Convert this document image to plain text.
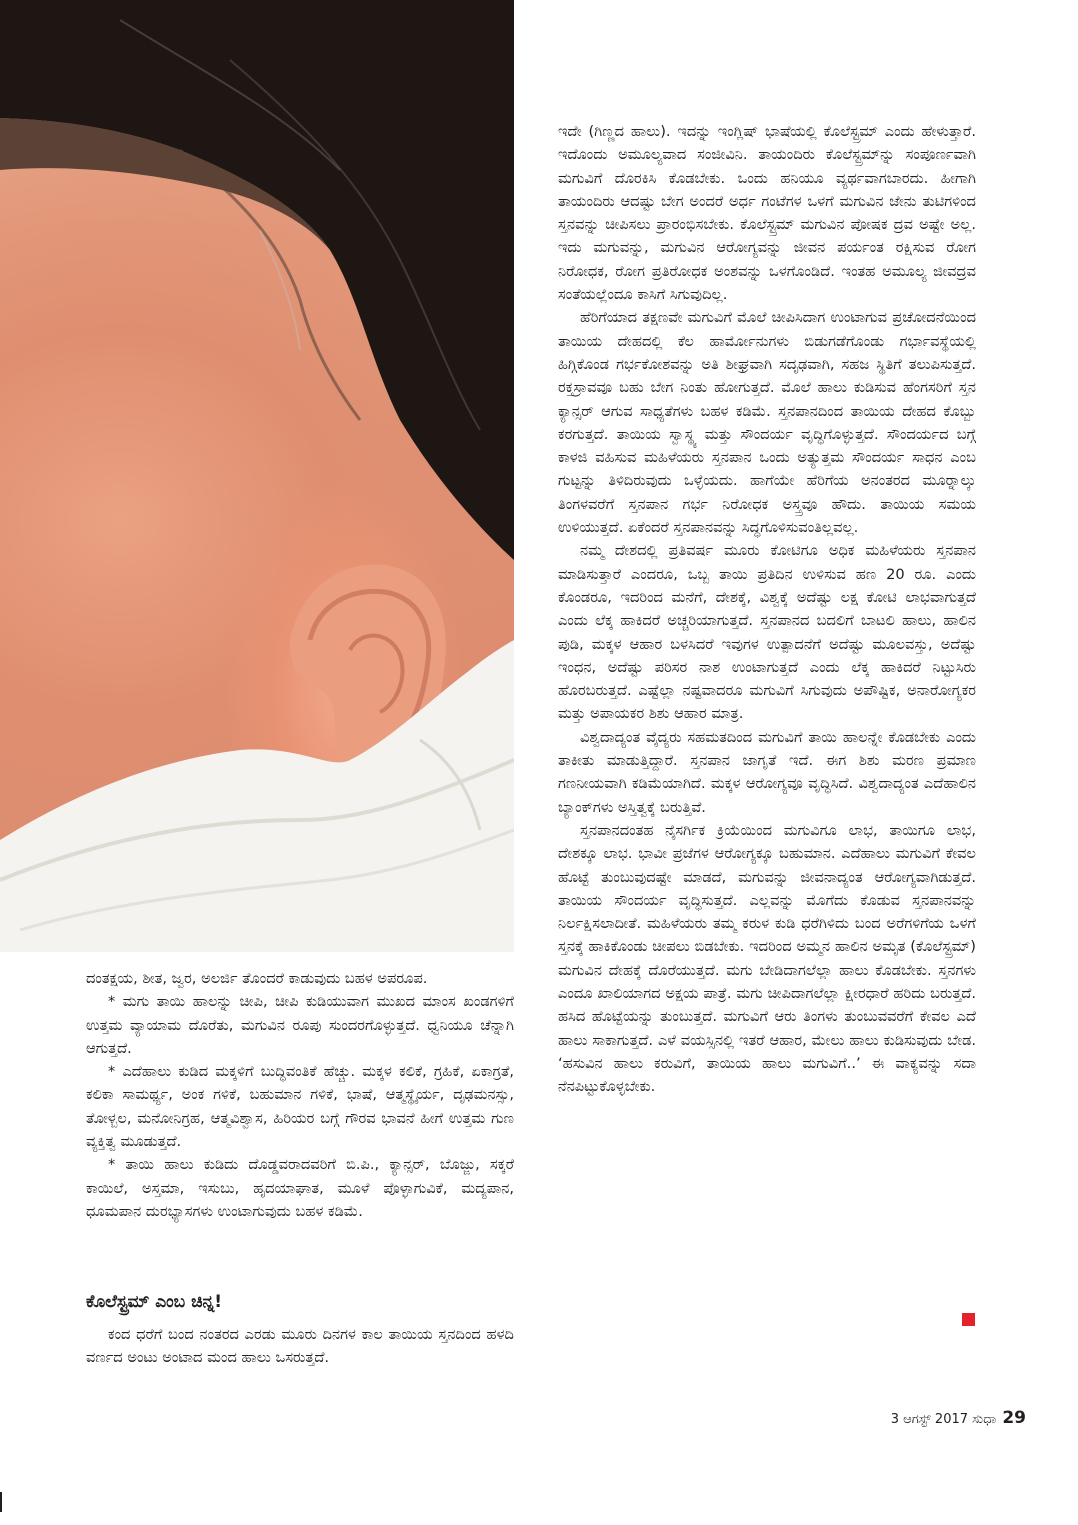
ದಂತಕ್ಷಯ, ಶೀತ, ಜ್ವರ, ಅಲರ್ಜಿ ತೊಂದರೆ ಕಾಡುವುದು ಬಹಳ ಅಪರೂಪ.

* ಮಗು ತಾಯಿ ಹಾಲನ್ನು ಚೀಪಿ, ಚೀಪಿ ಕುಡಿಯುವಾಗ ಮುಖದ ಮಾಂಸ ಖಂಡಗಳಿಗೆ ಉತ್ತಮ ವ್ಯಾಯಾಮ ದೊರೆತು, ಮಗುವಿನ ರೂಪು ಸುಂದರಗೊಳ್ಳುತ್ತದೆ. ಧ್ವನಿಯೂ ಚೆನ್ನಾಗಿ ಆಗುತ್ತದೆ.

* ಎದೆಹಾಲು ಕುಡಿದ ಮಕ್ಕಳಿಗೆ ಬುದ್ಧಿವಂತಿಕೆ ಹೆಚ್ಚು. ಮಕ್ಕಳ ಕಲಿಕೆ, ಗ್ರಹಿಕೆ, ಏಕಾಗ್ರತೆ, ಕಲಿಕಾ ಸಾಮರ್ಥ್ಯ, ಅಂಕ ಗಳಿಕೆ, ಬಹುಮಾನ ಗಳಿಕೆ, ಭಾಷೆ, ಆತ್ಮಸ್ಥೈರ್ಯ, ದೃಢಮನಸ್ಸು, ತೋಳ್ಬಲ, ಮನೋನಿಗ್ರಹ, ಆತ್ಮವಿಶ್ವಾಸ, ಹಿರಿಯರ ಬಗ್ಗೆ ಗೌರವ ಭಾವನೆ ಹೀಗೆ ಉತ್ತಮ ಗುಣ ವ್ಯಕ್ತಿತ್ವ ಮೂಡುತ್ತದೆ.

* ತಾಯಿ ಹಾಲು ಕುಡಿದು ದೊಡ್ಡವರಾದವರಿಗೆ ಬಿ.ಪಿ., ಕ್ಯಾನ್ಸರ್, ಬೊಜ್ಜು, ಸಕ್ಕರೆ ಕಾಯಿಲೆ, ಅಸ್ತಮಾ, ಇಸುಬು, ಹೃದಯಾಘಾತ, ಮೂಳೆ ಪೊಳ್ಳಾಗುವಿಕೆ, ಮದ್ಯಪಾನ, ಧೂಮಪಾನ ದುರಭ್ಯಾಸಗಳು ಉಂಟಾಗುವುದು ಬಹಳ ಕಡಿಮೆ.

ಕೊಲೆಸ್ಟ್ರಮ್ ಎಂಬ ಚಿನ್ನ!

ಕಂದ ಧರೆಗೆ ಬಂದ ನಂತರದ ಎರಡು ಮೂರು ದಿನಗಳ ಕಾಲ ತಾಯಿಯ ಸ್ತನದಿಂದ ಹಳದಿ ವರ್ಣದ ಅಂಟು ಅಂಟಾದ ಮಂದ ಹಾಲು ಒಸರುತ್ತದೆ.

ಇದೇ (ಗಿಣ್ಣದ ಹಾಲು). ಇದನ್ನು ಇಂಗ್ಲಿಷ್ ಭಾಷೆಯಲ್ಲಿ ಕೊಲೆಸ್ಟ್ರಮ್ ಎಂದು ಹೇಳುತ್ತಾರೆ. ಇದೊಂದು ಅಮೂಲ್ಯವಾದ ಸಂಜೀವಿನಿ. ತಾಯಂದಿರು ಕೊಲೆಸ್ಟ್ರಮ್‌ನ್ನು ಸಂಪೂರ್ಣವಾಗಿ ಮಗುವಿಗೆ ದೊರಕಿಸಿ ಕೊಡಬೇಕು. ಒಂದು ಹನಿಯೂ ವ್ಯರ್ಥವಾಗಬಾರದು. ಹೀಗಾಗಿ ತಾಯಂದಿರು ಆದಷ್ಟು ಬೇಗ ಅಂದರೆ ಅರ್ಧ ಗಂಟೆಗಳ ಒಳಗೆ ಮಗುವಿನ ಜೇನು ತುಟಿಗಳಿಂದ ಸ್ತನವನ್ನು ಚೀಪಿಸಲು ಪ್ರಾರಂಭಿಸಬೇಕು. ಕೊಲೆಸ್ಟ್ರಮ್ ಮಗುವಿನ ಪೋಷಕ ದ್ರವ ಅಷ್ಟೇ ಅಲ್ಲ. ಇದು ಮಗುವನ್ನು, ಮಗುವಿನ ಆರೋಗ್ಯವನ್ನು ಜೀವನ ಪರ್ಯಂತ ರಕ್ಷಿಸುವ ರೋಗ ನಿರೋಧಕ, ರೋಗ ಪ್ರತಿರೋಧಕ ಅಂಶವನ್ನು ಒಳಗೊಂಡಿದೆ. ಇಂತಹ ಅಮೂಲ್ಯ ಜೀವದ್ರವ ಸಂತೆಯಲ್ಲೆಂದೂ ಕಾಸಿಗೆ ಸಿಗುವುದಿಲ್ಲ.

ಹೆರಿಗೆಯಾದ ತಕ್ಷಣವೇ ಮಗುವಿಗೆ ಮೊಲೆ ಚೀಪಿಸಿದಾಗ ಉಂಟಾಗುವ ಪ್ರಚೋದನೆಯಿಂದ ತಾಯಿಯ ದೇಹದಲ್ಲಿ ಕೆಲ ಹಾರ್ಮೋನುಗಳು ಬಿಡುಗಡೆಗೊಂಡು ಗರ್ಭಾವಸ್ಥೆಯಲ್ಲಿ ಹಿಗ್ಗಿಕೊಂಡ ಗರ್ಭಕೋಶವನ್ನು ಅತಿ ಶೀಘ್ರವಾಗಿ ಸದೃಢವಾಗಿ, ಸಹಜ ಸ್ಥಿತಿಗೆ ತಲುಪಿಸುತ್ತದೆ. ರಕ್ತಸ್ರಾವವೂ ಬಹು ಬೇಗ ನಿಂತು ಹೋಗುತ್ತದೆ. ಮೊಲೆ ಹಾಲು ಕುಡಿಸುವ ಹೆಂಗಸರಿಗೆ ಸ್ತನ ಕ್ಯಾನ್ಸರ್ ಆಗುವ ಸಾಧ್ಯತೆಗಳು ಬಹಳ ಕಡಿಮೆ. ಸ್ತನಪಾನದಿಂದ ತಾಯಿಯ ದೇಹದ ಕೊಬ್ಬು ಕರಗುತ್ತದೆ. ತಾಯಿಯ ಸ್ವಾಸ್ಥ್ಯ ಮತ್ತು ಸೌಂದರ್ಯ ವೃದ್ಧಿಗೊಳ್ಳುತ್ತದೆ. ಸೌಂದರ್ಯದ ಬಗ್ಗೆ ಕಾಳಜಿ ವಹಿಸುವ ಮಹಿಳೆಯರು ಸ್ತನಪಾನ ಒಂದು ಅತ್ಯುತ್ತಮ ಸೌಂದರ್ಯ ಸಾಧನ ಎಂಬ ಗುಟ್ಟನ್ನು ತಿಳಿದಿರುವುದು ಒಳ್ಳೆಯದು. ಹಾಗೆಯೇ ಹೆರಿಗೆಯ ಅನಂತರದ ಮೂರ್‍ನಾಲ್ಕು ತಿಂಗಳವರೆಗೆ ಸ್ತನಪಾನ ಗರ್ಭ ನಿರೋಧಕ ಅಸ್ತ್ರವೂ ಹೌದು. ತಾಯಿಯ ಸಮಯ ಉಳಿಯುತ್ತದೆ. ಏಕೆಂದರೆ ಸ್ತನಪಾನವನ್ನು ಸಿದ್ಧಗೊಳಿಸುವಂತಿಲ್ಲವಲ್ಲ.

ನಮ್ಮ ದೇಶದಲ್ಲಿ ಪ್ರತಿವರ್ಷ ಮೂರು ಕೋಟಿಗೂ ಅಧಿಕ ಮಹಿಳೆಯರು ಸ್ತನಪಾನ ಮಾಡಿಸುತ್ತಾರೆ ಎಂದರೂ, ಒಬ್ಬ ತಾಯಿ ಪ್ರತಿದಿನ ಉಳಿಸುವ ಹಣ 20 ರೂ. ಎಂದು ಕೊಂಡರೂ, ಇದರಿಂದ ಮನೆಗೆ, ದೇಶಕ್ಕೆ, ವಿಶ್ವಕ್ಕೆ ಅದೆಷ್ಟು ಲಕ್ಷ ಕೋಟಿ ಲಾಭವಾಗುತ್ತದೆ ಎಂದು ಲೆಕ್ಕ ಹಾಕಿದರೆ ಅಚ್ಚರಿಯಾಗುತ್ತದೆ. ಸ್ತನಪಾನದ ಬದಲಿಗೆ ಬಾಟಲಿ ಹಾಲು, ಹಾಲಿನ ಪುಡಿ, ಮಕ್ಕಳ ಆಹಾರ ಬಳಸಿದರೆ ಇವುಗಳ ಉತ್ಪಾದನೆಗೆ ಅದೆಷ್ಟು ಮೂಲವಸ್ತು, ಅದೆಷ್ಟು ಇಂಧನ, ಅದೆಷ್ಟು ಪರಿಸರ ನಾಶ ಉಂಟಾಗುತ್ತದೆ ಎಂದು ಲೆಕ್ಕ ಹಾಕಿದರೆ ನಿಟ್ಟುಸಿರು ಹೊರಬರುತ್ತದೆ. ಎಷ್ಟೆಲ್ಲಾ ನಷ್ಟವಾದರೂ ಮಗುವಿಗೆ ಸಿಗುವುದು ಅಪೌಷ್ಟಿಕ, ಅನಾರೋಗ್ಯಕರ ಮತ್ತು ಅಪಾಯಕರ ಶಿಶು ಆಹಾರ ಮಾತ್ರ.

ವಿಶ್ವದಾದ್ಯಂತ ವೈದ್ಯರು ಸಹಮತದಿಂದ ಮಗುವಿಗೆ ತಾಯಿ ಹಾಲನ್ನೇ ಕೊಡಬೇಕು ಎಂದು ತಾಕೀತು ಮಾಡುತ್ತಿದ್ದಾರೆ. ಸ್ತನಪಾನ ಜಾಗೃತೆ ಇದೆ. ಈಗ ಶಿಶು ಮರಣ ಪ್ರಮಾಣ ಗಣನೀಯವಾಗಿ ಕಡಿಮೆಯಾಗಿದೆ. ಮಕ್ಕಳ ಆರೋಗ್ಯವೂ ವೃದ್ಧಿಸಿದೆ. ವಿಶ್ವದಾದ್ಯಂತ ಎದೆಹಾಲಿನ ಬ್ಯಾಂಕ್‌ಗಳು ಅಸ್ತಿತ್ವಕ್ಕೆ ಬರುತ್ತಿವೆ.

ಸ್ತನಪಾನದಂತಹ ನೈಸರ್ಗಿಕ ಕ್ರಿಯೆಯಿಂದ ಮಗುವಿಗೂ ಲಾಭ, ತಾಯಿಗೂ ಲಾಭ, ದೇಶಕ್ಕೂ ಲಾಭ. ಭಾವೀ ಪ್ರಜೆಗಳ ಆರೋಗ್ಯಕ್ಕೂ ಬಹುಮಾನ. ಎದೆಹಾಲು ಮಗುವಿಗೆ ಕೇವಲ ಹೊಟ್ಟೆ ತುಂಬುವುದಷ್ಟೇ ಮಾಡದೆ, ಮಗುವನ್ನು ಜೀವನಾದ್ಯಂತ ಆರೋಗ್ಯವಾಗಿಡುತ್ತದೆ. ತಾಯಿಯ ಸೌಂದರ್ಯ ವೃದ್ಧಿಸುತ್ತದೆ. ಎಲ್ಲವನ್ನು ಮೊಗೆದು ಕೊಡುವ ಸ್ತನಪಾನವನ್ನು ನಿರ್ಲಕ್ಷಿಸಲಾದೀತೆ. ಮಹಿಳೆಯರು ತಮ್ಮ ಕರುಳ ಕುಡಿ ಧರೆಗಿಳಿದು ಬಂದ ಅರೆಗಳಿಗೆಯ ಒಳಗೆ ಸ್ತನಕ್ಕೆ ಹಾಕಿಕೊಂಡು ಚೀಪಲು ಬಿಡಬೇಕು. ಇದರಿಂದ ಅಮ್ಮನ ಹಾಲಿನ ಅಮೃತ (ಕೊಲೆಸ್ಟ್ರಮ್) ಮಗುವಿನ ದೇಹಕ್ಕೆ ದೊರೆಯುತ್ತದೆ. ಮಗು ಬೇಡಿದಾಗಲೆಲ್ಲಾ ಹಾಲು ಕೊಡಬೇಕು. ಸ್ತನಗಳು ಎಂದೂ ಖಾಲಿಯಾಗದ ಅಕ್ಷಯ ಪಾತ್ರೆ. ಮಗು ಚೀಪಿದಾಗಲೆಲ್ಲಾ ಕ್ಷೀರಧಾರೆ ಹರಿದು ಬರುತ್ತದೆ. ಹಸಿದ ಹೊಟ್ಟೆಯನ್ನು ತುಂಬುತ್ತದೆ. ಮಗುವಿಗೆ ಆರು ತಿಂಗಳು ತುಂಬುವವರೆಗೆ ಕೇವಲ ಎದೆ ಹಾಲು ಸಾಕಾಗುತ್ತದೆ. ಎಳೆ ವಯಸ್ಸಿನಲ್ಲಿ ಇತರೆ ಆಹಾರ, ಮೇಲು ಹಾಲು ಕುಡಿಸುವುದು ಬೇಡ. ‘ಹಸುವಿನ ಹಾಲು ಕರುವಿಗೆ, ತಾಯಿಯ ಹಾಲು ಮಗುವಿಗೆ..’ ಈ ವಾಕ್ಯವನ್ನು ಸದಾ ನೆನಪಿಟ್ಟುಕೊಳ್ಳಬೇಕು.

3 ಆಗಸ್ಟ್ 2017 ಸುಧಾ 29
